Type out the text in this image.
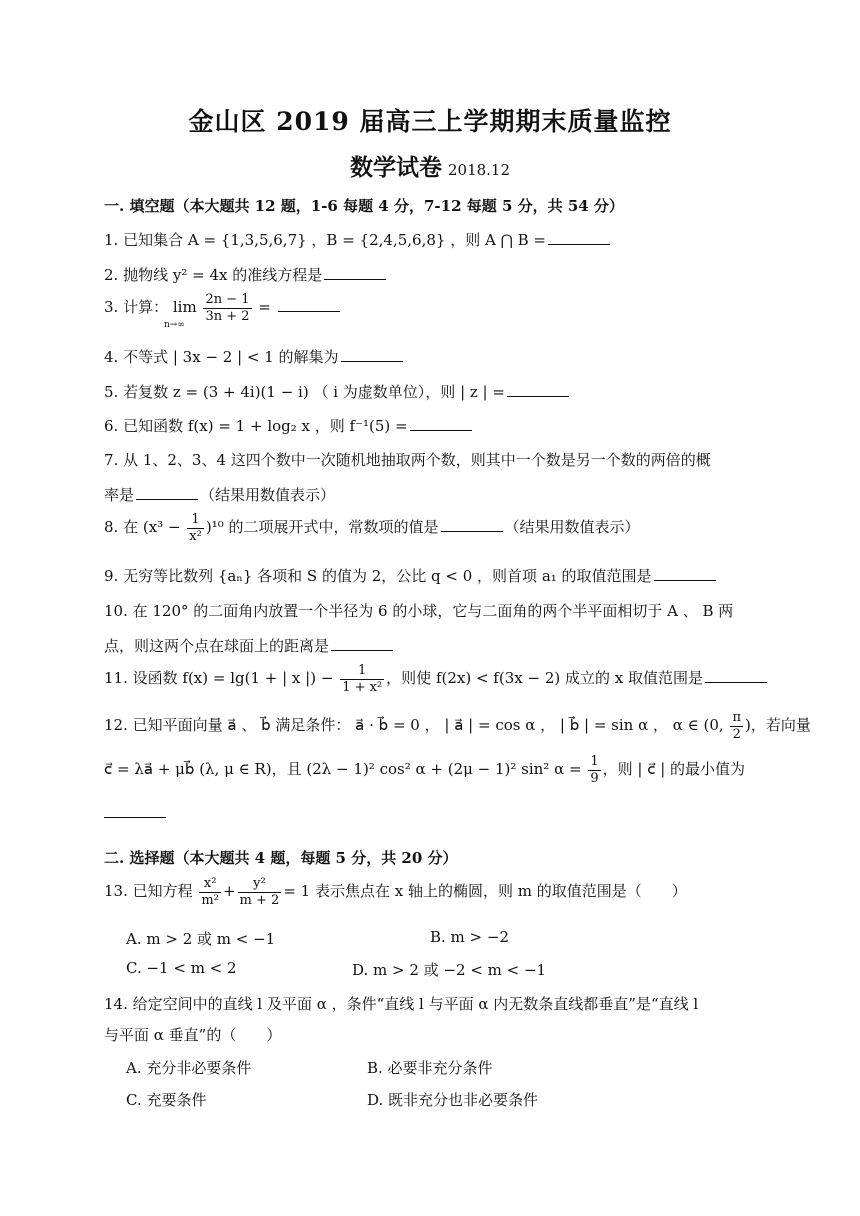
金山区 2019 届高三上学期期末质量监控
数学试卷 2018.12
一. 填空题（本大题共 12 题，1-6 每题 4 分，7-12 每题 5 分，共 54 分）
1. 已知集合 A = {1,3,5,6,7} ，B = {2,4,5,6,8} ，则 A ⋂ B =
2. 抛物线 y² = 4x 的准线方程是
3. 计算： $\lim \frac{2n - 1}{3n + 2}$ =
n→∞
4. 不等式 | 3x − 2 | < 1 的解集为
5. 若复数 z = (3 + 4i)(1 − i) （ i 为虚数单位），则 | z | =
6. 已知函数 f(x) = 1 + log₂ x ，则 f⁻¹(5) =
7. 从 1、2、3、4 这四个数中一次随机地抽取两个数，则其中一个数是另一个数的两倍的概
率是	（结果用数值表示）
8. 在 $(x^3 - \frac{1}{\text{x²}} )^{10}$ 的二项展开式中，常数项的值是	（结果用数值表示）
9. 无穷等比数列 {aₙ} 各项和 S 的值为 2，公比 q < 0 ，则首项 a₁ 的取值范围是
10. 在 120° 的二面角内放置一个半径为 6 的小球，它与二面角的两个半平面相切于 A 、 B 两
点，则这两个点在球面上的距离是
11. 设函数 f(x) = lg(1 + | x |) − $\frac{1}{\text{1 + x²}}$ ，则使 f(2x) < f(3x − 2) 成立的 x 取值范围是
12. 已知平面向量 a⃗ 、 b⃗ 满足条件： a⃗ · b⃗ = 0 ， | a⃗ | = cos α ， | b⃗ | = sin α ， α ∈ (0, $\frac{\pi}{2}$ )，若向量
c⃗ = λa⃗ + μb⃗ (λ, μ ∈ R)，且 (2λ − 1)² cos² α + (2μ − 1)² sin² $\alpha = \frac{1}{9}$ ，则 | c⃗ | 的最小值为
二. 选择题（本大题共 4 题，每题 5 分，共 20 分）
13. 已知方程 $\frac{\text{x²}}{\text{m²}} + \frac{\text{y²}}{m + 2} = 1$ 表示焦点在 x 轴上的椭圆，则 m 的取值范围是（　　）
A. m > 2 或 m < −1	B. m > −2
C. −1 < m < 2	D. m > 2 或 −2 < m < −1
14. 给定空间中的直线 l 及平面 α ，条件“直线 l 与平面 α 内无数条直线都垂直”是“直线 l
与平面 α 垂直”的（　　）
A. 充分非必要条件	B. 必要非充分条件
C. 充要条件	D. 既非充分也非必要条件
